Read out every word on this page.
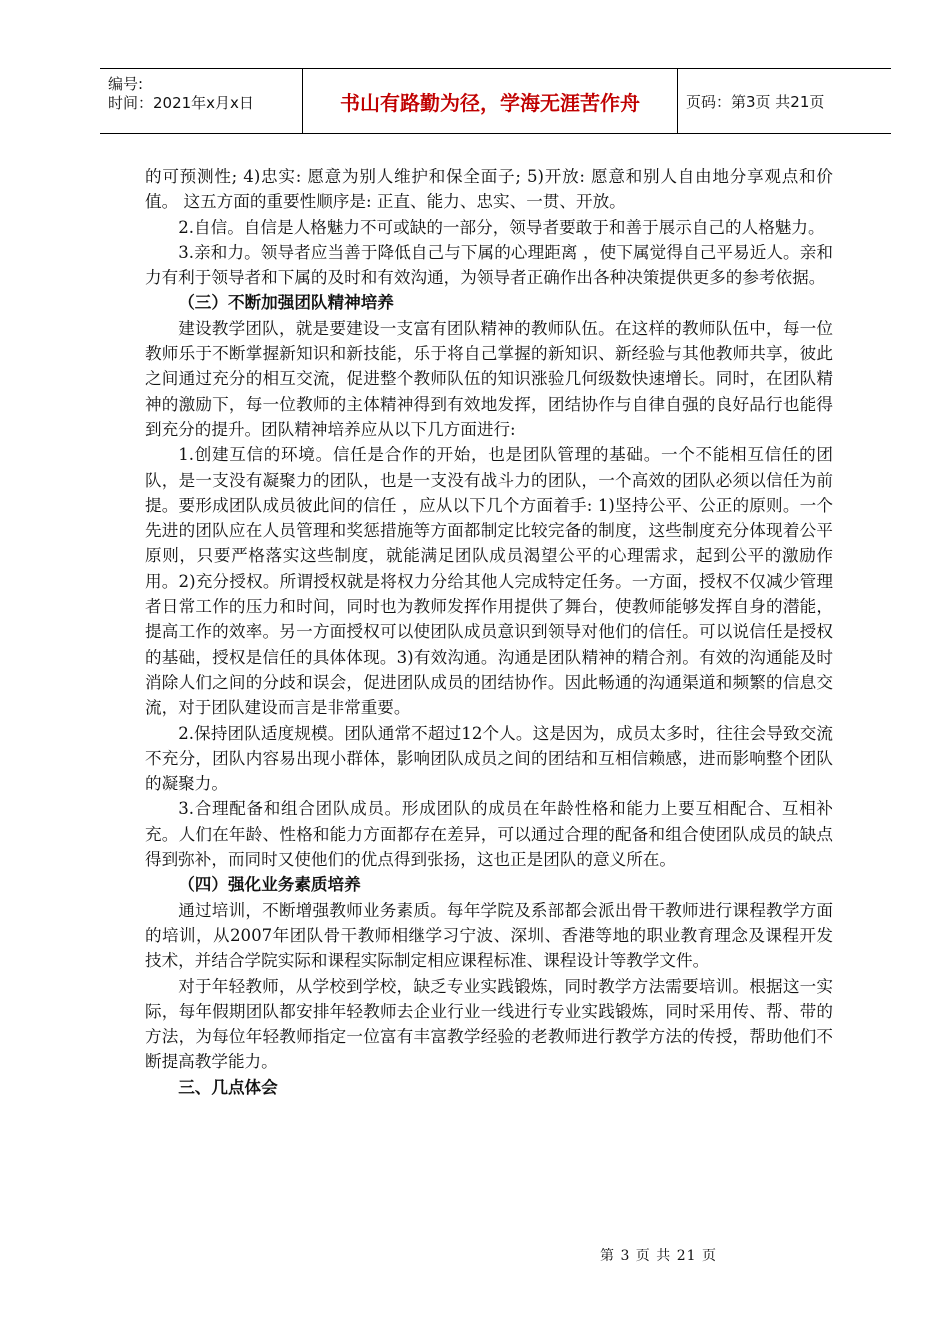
编号:
时间：2021年x月x日	书山有路勤为径，学海无涯苦作舟	页码：第3页 共21页

的可预测性; 4)忠实: 愿意为别人维护和保全面子; 5)开放: 愿意和别人自由地分享观点和价值。 这五方面的重要性顺序是: 正直、能力、忠实、一贯、开放。

2.自信。自信是人格魅力不可或缺的一部分，领导者要敢于和善于展示自己的人格魅力。

3.亲和力。领导者应当善于降低自己与下属的心理距离 ，使下属觉得自己平易近人。亲和力有利于领导者和下属的及时和有效沟通，为领导者正确作出各种决策提供更多的参考依据。

（三）不断加强团队精神培养

建设教学团队，就是要建设一支富有团队精神的教师队伍。在这样的教师队伍中，每一位教师乐于不断掌握新知识和新技能，乐于将自己掌握的新知识、新经验与其他教师共享，彼此之间通过充分的相互交流，促进整个教师队伍的知识涨验几何级数快速增长。同时，在团队精神的激励下，每一位教师的主体精神得到有效地发挥，团结协作与自律自强的良好品行也能得到充分的提升。团队精神培养应从以下几方面进行:

1.创建互信的环境。信任是合作的开始，也是团队管理的基础。一个不能相互信任的团队，是一支没有凝聚力的团队，也是一支没有战斗力的团队，一个高效的团队必须以信任为前提。要形成团队成员彼此间的信任 ，应从以下几个方面着手: 1)坚持公平、公正的原则。一个先进的团队应在人员管理和奖惩措施等方面都制定比较完备的制度，这些制度充分体现着公平原则，只要严格落实这些制度，就能满足团队成员渴望公平的心理需求，起到公平的激励作用。2)充分授权。所谓授权就是将权力分给其他人完成特定任务。一方面，授权不仅减少管理者日常工作的压力和时间，同时也为教师发挥作用提供了舞台，使教师能够发挥自身的潜能，提高工作的效率。另一方面授权可以使团队成员意识到领导对他们的信任。可以说信任是授权的基础，授权是信任的具体体现。3)有效沟通。沟通是团队精神的精合剂。有效的沟通能及时消除人们之间的分歧和误会，促进团队成员的团结协作。因此畅通的沟通渠道和频繁的信息交流，对于团队建设而言是非常重要。

2.保持团队适度规模。团队通常不超过12个人。这是因为，成员太多时，往往会导致交流不充分，团队内容易出现小群体，影响团队成员之间的团结和互相信赖感，进而影响整个团队的凝聚力。

3.合理配备和组合团队成员。形成团队的成员在年龄性格和能力上要互相配合、互相补充。人们在年龄、性格和能力方面都存在差异，可以通过合理的配备和组合使团队成员的缺点得到弥补，而同时又使他们的优点得到张扬，这也正是团队的意义所在。

（四）强化业务素质培养

通过培训，不断增强教师业务素质。每年学院及系部都会派出骨干教师进行课程教学方面的培训，从2007年团队骨干教师相继学习宁波、深圳、香港等地的职业教育理念及课程开发技术，并结合学院实际和课程实际制定相应课程标准、课程设计等教学文件。

对于年轻教师，从学校到学校，缺乏专业实践锻炼，同时教学方法需要培训。根据这一实际，每年假期团队都安排年轻教师去企业行业一线进行专业实践锻炼，同时采用传、帮、带的方法，为每位年轻教师指定一位富有丰富教学经验的老教师进行教学方法的传授，帮助他们不断提高教学能力。

三、几点体会

第 3 页 共 21 页
